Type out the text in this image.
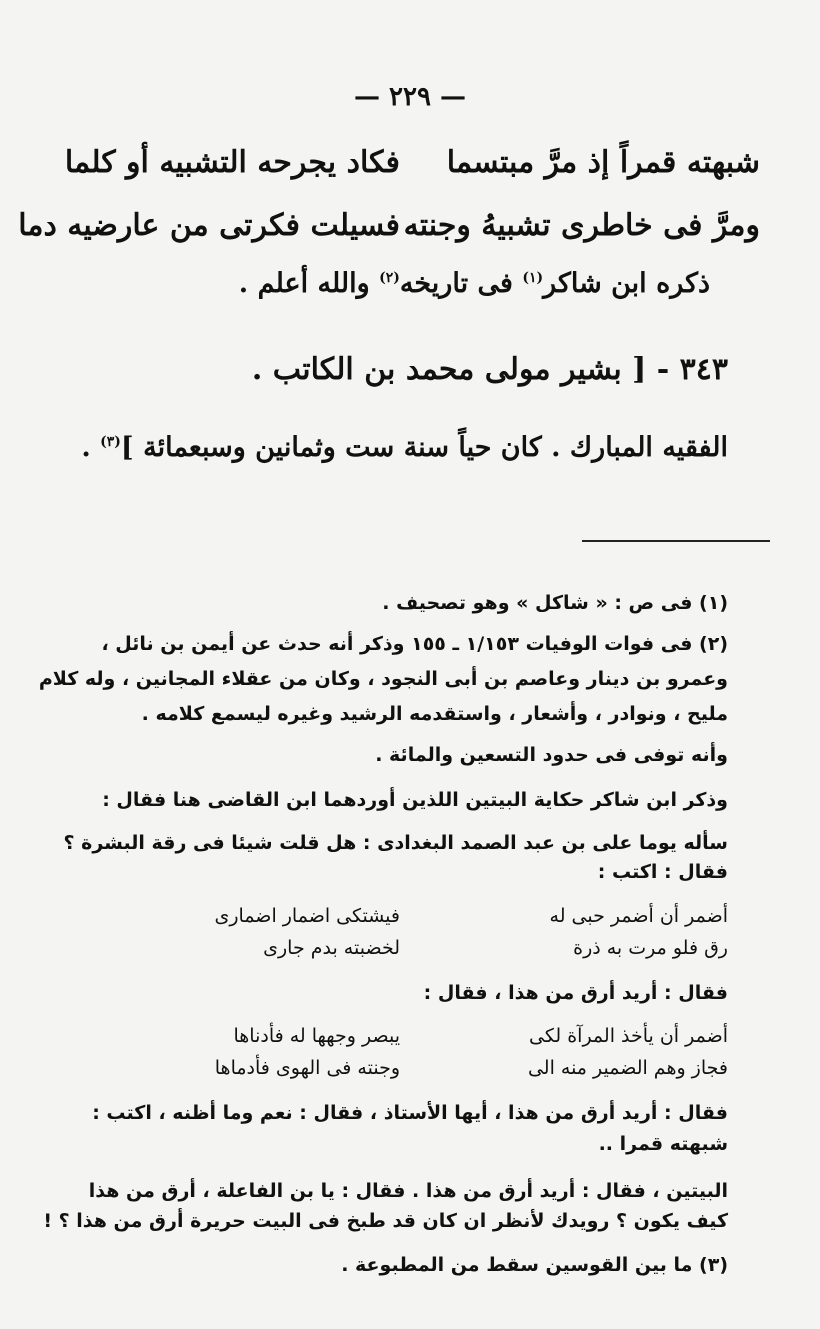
— ٢٢٩ —
شبهته قمراً إذ مرَّ مبتسما
فكاد يجرحه التشبيه أو كلما
ومرَّ فى خاطرى تشبيهُ وجنته
فسيلت فكرتى من عارضيه دما
ذكره ابن شاكر$^{(١)}$ فى تاريخه$^{(٢)}$ والله أعلم .
٣٤٣ - [ بشير مولى محمد بن الكاتب .
الفقيه المبارك . كان حياً سنة ست وثمانين وسبعمائة ]$^{(٣)}$ .
(١) فى ص : « شاكل » وهو تصحيف .
(٢) فى فوات الوفيات ١/١٥٣ ـ ١٥٥ وذكر أنه حدث عن أيمن بن نائل ،
وعمرو بن دينار وعاصم بن أبى النجود ، وكان من عقلاء المجانين ، وله كلام
مليح ، ونوادر ، وأشعار ، واستقدمه الرشيد وغيره ليسمع كلامه .
وأنه توفى فى حدود التسعين والمائة .
وذكر ابن شاكر حكاية البيتين اللذين أوردهما ابن القاضى هنا فقال :
سأله يوما على بن عبد الصمد البغدادى : هل قلت شيئا فى رقة البشرة ؟
فقال : اكتب :
أضمر أن أضمر حبى له
فيشتكى اضمار اضمارى
رق فلو مرت به ذرة
لخضبته بدم جارى
فقال : أريد أرق من هذا ، فقال :
أضمر أن يأخذ المرآة لكى
يبصر وجهها له فأدناها
فجاز وهم الضمير منه الى
وجنته فى الهوى فأدماها
فقال : أريد أرق من هذا ، أيها الأستاذ ، فقال : نعم وما أظنه ، اكتب :
شبهته قمرا ..
البيتين ، فقال : أريد أرق من هذا . فقال : يا بن الفاعلة ، أرق من هذا
كيف يكون ؟ رويدك لأنظر ان كان قد طبخ فى البيت حريرة أرق من هذا ؟ !
(٣) ما بين القوسين سقط من المطبوعة .
